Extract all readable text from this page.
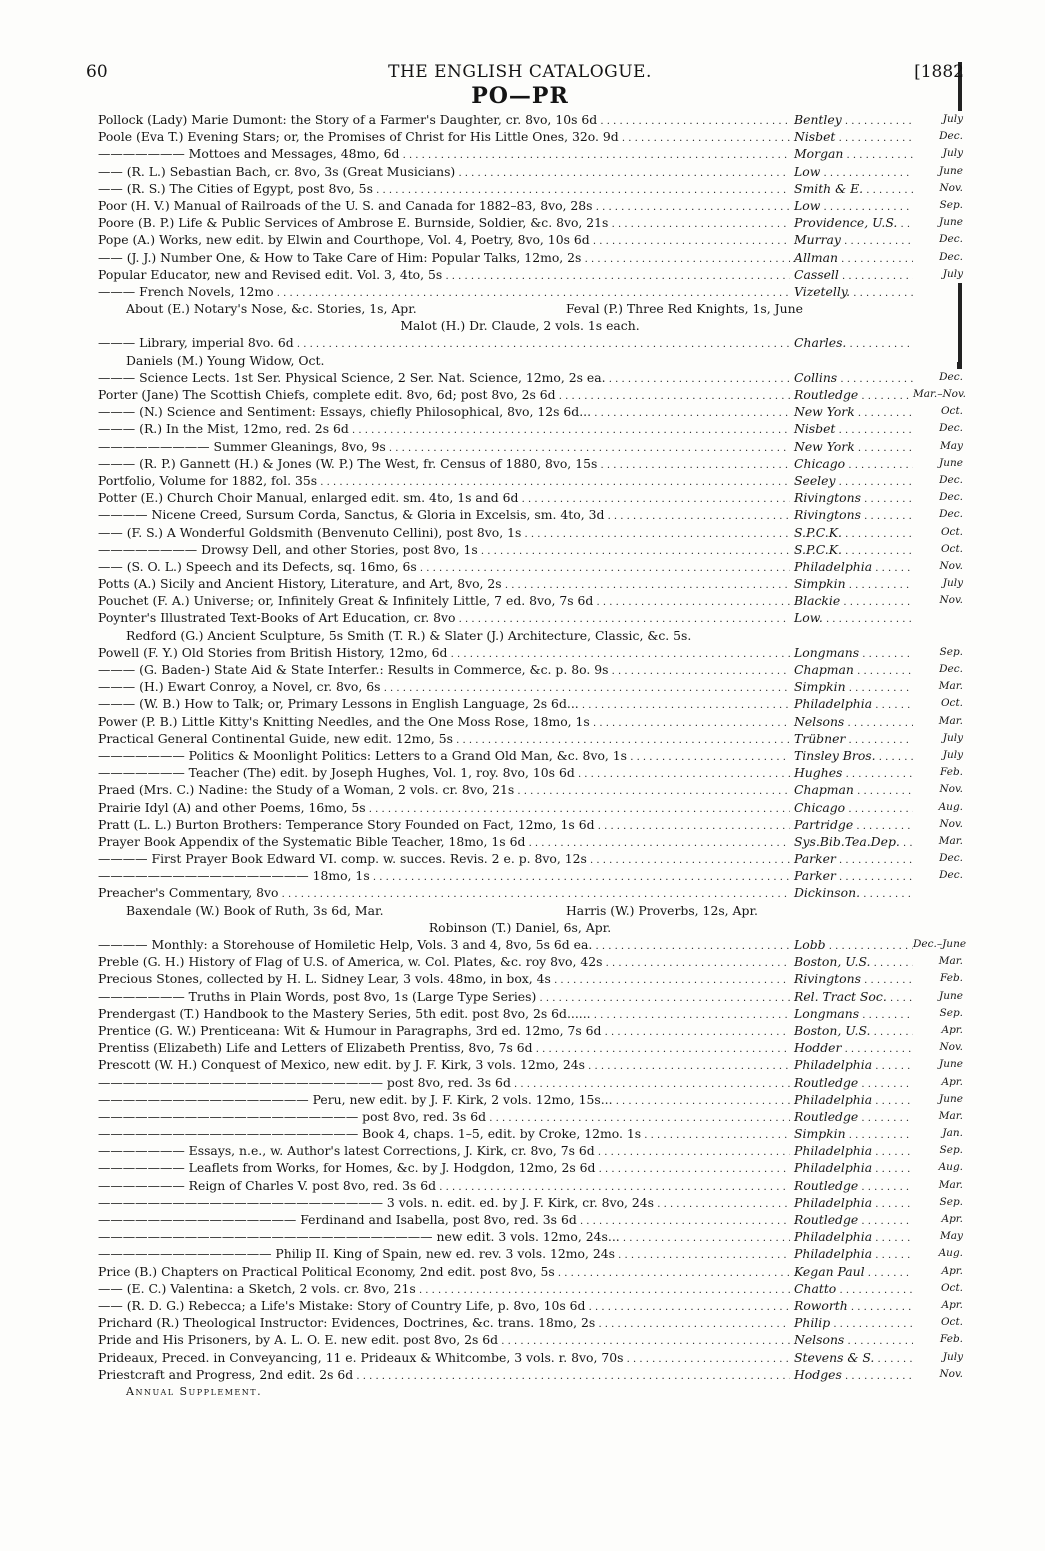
60	THE ENGLISH CATALOGUE.	[1882
PO—PR
Pollock (Lady) Marie Dumont: the Story of a Farmer's Daughter, cr. 8vo, 10s 6d . . .	Bentley . . .	July
Poole (Eva T.) Evening Stars; or, the Promises of Christ for His Little Ones, 32o. 9d . . .	Nisbet . . .	Dec.
——————— Mottoes and Messages, 48mo, 6d . . .	Morgan . . .	July
—— (R. L.) Sebastian Bach, cr. 8vo, 3s (Great Musicians) . . .	Low . . .	June
—— (R. S.) The Cities of Egypt, post 8vo, 5s . . .	Smith & E. . . .	Nov.
Poor (H. V.) Manual of Railroads of the U. S. and Canada for 1882–83, 8vo, 28s . . .	Low . . .	Sep.
Poore (B. P.) Life & Public Services of Ambrose E. Burnside, Soldier, &c. 8vo, 21s . . .	Providence, U.S. . . .	June
Pope (A.) Works, new edit. by Elwin and Courthope, Vol. 4, Poetry, 8vo, 10s 6d . . .	Murray . . .	Dec.
—— (J. J.) Number One, & How to Take Care of Him: Popular Talks, 12mo, 2s . . .	Allman . . .	Dec.
Popular Educator, new and Revised edit. Vol. 3, 4to, 5s . . .	Cassell . . .	July
——— French Novels, 12mo . . .	Vizetelly. . . .
About (E.) Notary's Nose, &c. Stories, 1s, Apr.	Feval (P.) Three Red Knights, 1s, June
Malot (H.) Dr. Claude, 2 vols. 1s each.
——— Library, imperial 8vo. 6d . . .	Charles. . . .
Daniels (M.) Young Widow, Oct.
——— Science Lects. 1st Ser. Physical Science, 2 Ser. Nat. Science, 12mo, 2s ea. . . .	Collins . . .	Dec.
Porter (Jane) The Scottish Chiefs, complete edit. 8vo, 6d; post 8vo, 2s 6d . . .	Routledge . . .	Mar.–Nov.
——— (N.) Science and Sentiment: Essays, chiefly Philosophical, 8vo, 12s 6d... . . .	New York . . .	Oct.
——— (R.) In the Mist, 12mo, red. 2s 6d . . .	Nisbet . . .	Dec.
————————— Summer Gleanings, 8vo, 9s . . .	New York . . .	May
——— (R. P.) Gannett (H.) & Jones (W. P.) The West, fr. Census of 1880, 8vo, 15s . . .	Chicago . . .	June
Portfolio, Volume for 1882, fol. 35s . . .	Seeley . . .	Dec.
Potter (E.) Church Choir Manual, enlarged edit. sm. 4to, 1s and 6d . . .	Rivingtons . . .	Dec.
———— Nicene Creed, Sursum Corda, Sanctus, & Gloria in Excelsis, sm. 4to, 3d . . .	Rivingtons . . .	Dec.
—— (F. S.) A Wonderful Goldsmith (Benvenuto Cellini), post 8vo, 1s . . .	S.P.C.K. . . .	Oct.
———————— Drowsy Dell, and other Stories, post 8vo, 1s . . .	S.P.C.K. . . .	Oct.
—— (S. O. L.) Speech and its Defects, sq. 16mo, 6s . . .	Philadelphia . . .	Nov.
Potts (A.) Sicily and Ancient History, Literature, and Art, 8vo, 2s . . .	Simpkin . . .	July
Pouchet (F. A.) Universe; or, Infinitely Great & Infinitely Little, 7 ed. 8vo, 7s 6d . . .	Blackie . . .	Nov.
Poynter's Illustrated Text-Books of Art Education, cr. 8vo . . .	Low. . . .
Redford (G.) Ancient Sculpture, 5s Smith (T. R.) & Slater (J.) Architecture, Classic, &c. 5s.
Powell (F. Y.) Old Stories from British History, 12mo, 6d . . .	Longmans . . .	Sep.
——— (G. Baden-) State Aid & State Interfer.: Results in Commerce, &c. p. 8o. 9s . . .	Chapman . . .	Dec.
——— (H.) Ewart Conroy, a Novel, cr. 8vo, 6s . . .	Simpkin . . .	Mar.
——— (W. B.) How to Talk; or, Primary Lessons in English Language, 2s 6d... . . .	Philadelphia . . .	Oct.
Power (P. B.) Little Kitty's Knitting Needles, and the One Moss Rose, 18mo, 1s . . .	Nelsons . . .	Mar.
Practical General Continental Guide, new edit. 12mo, 5s . . .	Trübner . . .	July
——————— Politics & Moonlight Politics: Letters to a Grand Old Man, &c. 8vo, 1s . . .	Tinsley Bros. . . .	July
——————— Teacher (The) edit. by Joseph Hughes, Vol. 1, roy. 8vo, 10s 6d . . .	Hughes . . .	Feb.
Praed (Mrs. C.) Nadine: the Study of a Woman, 2 vols. cr. 8vo, 21s . . .	Chapman . . .	Nov.
Prairie Idyl (A) and other Poems, 16mo, 5s . . .	Chicago . . .	Aug.
Pratt (L. L.) Burton Brothers: Temperance Story Founded on Fact, 12mo, 1s 6d . . .	Partridge . . .	Nov.
Prayer Book Appendix of the Systematic Bible Teacher, 18mo, 1s 6d . . .	Sys.Bib.Tea.Dep. . . .	Mar.
———— First Prayer Book Edward VI. comp. w. succes. Revis. 2 e. p. 8vo, 12s . . .	Parker . . .	Dec.
————————————————— 18mo, 1s . . .	Parker . . .	Dec.
Preacher's Commentary, 8vo . . .	Dickinson. . . .
Baxendale (W.) Book of Ruth, 3s 6d, Mar.	Harris (W.) Proverbs, 12s, Apr.
Robinson (T.) Daniel, 6s, Apr.
———— Monthly: a Storehouse of Homiletic Help, Vols. 3 and 4, 8vo, 5s 6d ea. . . .	Lobb . . .	Dec.–June
Preble (G. H.) History of Flag of U.S. of America, w. Col. Plates, &c. roy 8vo, 42s . . .	Boston, U.S. . . .	Mar.
Precious Stones, collected by H. L. Sidney Lear, 3 vols. 48mo, in box, 4s . . .	Rivingtons . . .	Feb.
——————— Truths in Plain Words, post 8vo, 1s (Large Type Series) . . .	Rel. Tract Soc. . . .	June
Prendergast (T.) Handbook to the Mastery Series, 5th edit. post 8vo, 2s 6d...... . . .	Longmans . . .	Sep.
Prentice (G. W.) Prenticeana: Wit & Humour in Paragraphs, 3rd ed. 12mo, 7s 6d . . .	Boston, U.S. . . .	Apr.
Prentiss (Elizabeth) Life and Letters of Elizabeth Prentiss, 8vo, 7s 6d . . .	Hodder . . .	Nov.
Prescott (W. H.) Conquest of Mexico, new edit. by J. F. Kirk, 3 vols. 12mo, 24s . . .	Philadelphia . . .	June
——————————————————————— post 8vo, red. 3s 6d . . .	Routledge . . .	Apr.
————————————————— Peru, new edit. by J. F. Kirk, 2 vols. 12mo, 15s... . . .	Philadelphia . . .	June
————————————————————— post 8vo, red. 3s 6d . . .	Routledge . . .	Mar.
————————————————————— Book 4, chaps. 1–5, edit. by Croke, 12mo. 1s . . .	Simpkin . . .	Jan.
——————— Essays, n.e., w. Author's latest Corrections, J. Kirk, cr. 8vo, 7s 6d . . .	Philadelphia . . .	Sep.
——————— Leaflets from Works, for Homes, &c. by J. Hodgdon, 12mo, 2s 6d . . .	Philadelphia . . .	Aug.
——————— Reign of Charles V. post 8vo, red. 3s 6d . . .	Routledge . . .	Mar.
——————————————————————— 3 vols. n. edit. ed. by J. F. Kirk, cr. 8vo, 24s . . .	Philadelphia . . .	Sep.
———————————————— Ferdinand and Isabella, post 8vo, red. 3s 6d . . .	Routledge . . .	Apr.
——————————————————————————— new edit. 3 vols. 12mo, 24s... . . .	Philadelphia . . .	May
—————————————— Philip II. King of Spain, new ed. rev. 3 vols. 12mo, 24s . . .	Philadelphia . . .	Aug.
Price (B.) Chapters on Practical Political Economy, 2nd edit. post 8vo, 5s . . .	Kegan Paul . . .	Apr.
—— (E. C.) Valentina: a Sketch, 2 vols. cr. 8vo, 21s . . .	Chatto . . .	Oct.
—— (R. D. G.) Rebecca; a Life's Mistake: Story of Country Life, p. 8vo, 10s 6d . . .	Roworth . . .	Apr.
Prichard (R.) Theological Instructor: Evidences, Doctrines, &c. trans. 18mo, 2s . . .	Philip . . .	Oct.
Pride and His Prisoners, by A. L. O. E. new edit. post 8vo, 2s 6d . . .	Nelsons . . .	Feb.
Prideaux, Preced. in Conveyancing, 11 e. Prideaux & Whitcombe, 3 vols. r. 8vo, 70s . . .	Stevens & S. . . .	July
Priestcraft and Progress, 2nd edit. 2s 6d . . .	Hodges . . .	Nov.
Annual Supplement.
